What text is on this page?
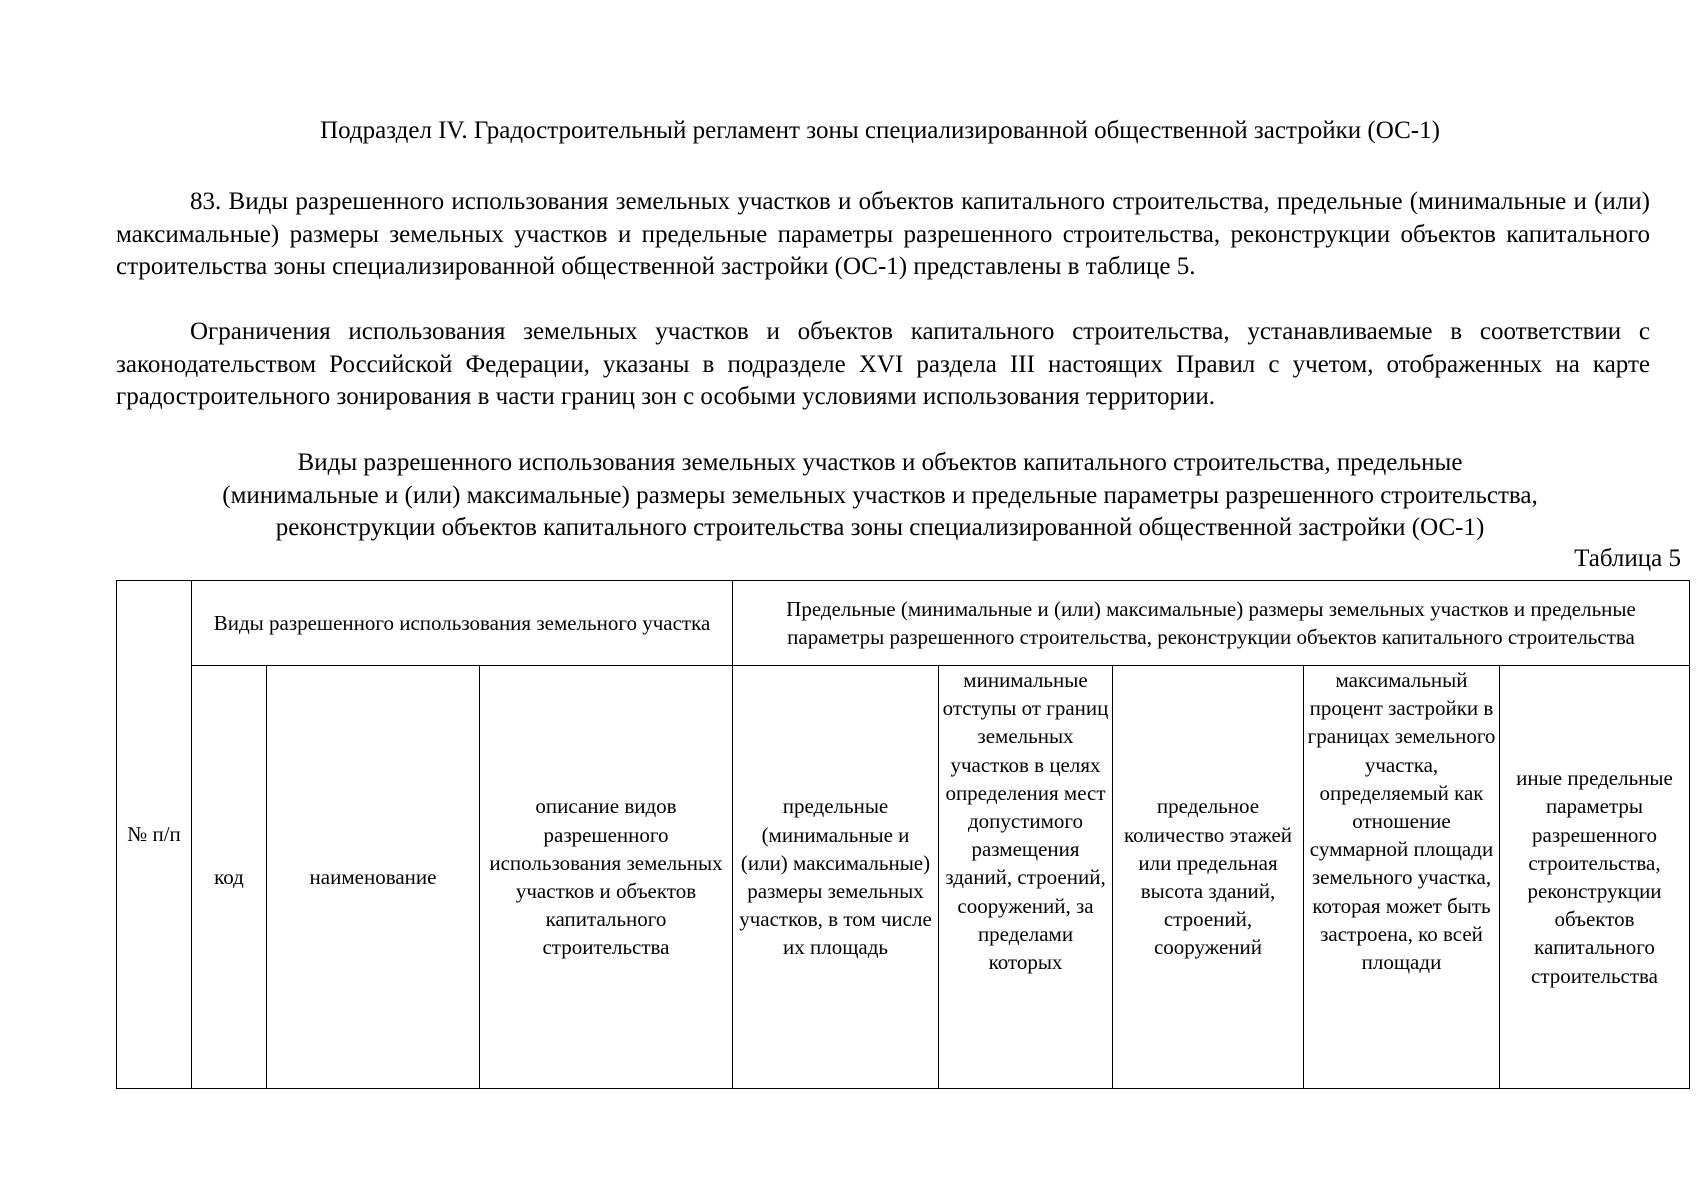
Подраздел IV. Градостроительный регламент зоны специализированной общественной застройки (ОС-1)
83. Виды разрешенного использования земельных участков и объектов капитального строительства, предельные (минимальные и (или) максимальные) размеры земельных участков и предельные параметры разрешенного строительства, реконструкции объектов капитального строительства зоны специализированной общественной застройки (ОС-1) представлены в таблице 5.
Ограничения использования земельных участков и объектов капитального строительства, устанавливаемые в соответствии с законодательством Российской Федерации, указаны в подразделе XVI раздела III настоящих Правил с учетом, отображенных на карте градостроительного зонирования в части границ зон с особыми условиями использования территории.
Виды разрешенного использования земельных участков и объектов капитального строительства, предельные
(минимальные и (или) максимальные) размеры земельных участков и предельные параметры разрешенного строительства,
реконструкции объектов капитального строительства зоны специализированной общественной застройки (ОС-1)
Таблица 5
№ п/п	Виды разрешенного использования земельного участка			Предельные (минимальные и (или) максимальные) размеры земельных участков и предельные параметры разрешенного строительства, реконструкции объектов капитального строительства				
	код	наименование	описание видов разрешенного использования земельных участков и объектов капитального строительства	предельные (минимальные и (или) максимальные) размеры земельных участков, в том числе их площадь	минимальные отступы от границ земельных участков в целях определения мест допустимого размещения зданий, строений, сооружений, за пределами которых	предельное количество этажей или предельная высота зданий, строений, сооружений	максимальный процент застройки в границах земельного участка, определяемый как отношение суммарной площади земельного участка, которая может быть застроена, ко всей площади	иные предельные параметры разрешенного строительства, реконструкции объектов капитального строительства
